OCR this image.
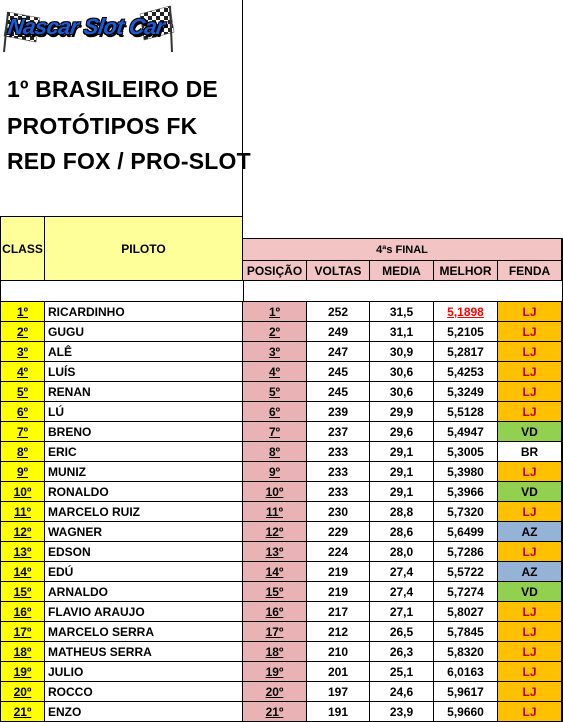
Nascar Slot Car
1º BRASILEIRO DE
PROTÓTIPOS FK
RED FOX / PRO-SLOT
CLASS	PILOTO	4ªs FINAL
POSIÇÃO	VOLTAS	MEDIA	MELHOR	FENDA
1º	RICARDINHO	1º	252	31,5	5,1898	LJ
2º	GUGU	2º	249	31,1	5,2105	LJ
3º	ALÊ	3º	247	30,9	5,2817	LJ
4º	LUÍS	4º	245	30,6	5,4253	LJ
5º	RENAN	5º	245	30,6	5,3249	LJ
6º	LÚ	6º	239	29,9	5,5128	LJ
7º	BRENO	7º	237	29,6	5,4947	VD
8º	ERIC	8º	233	29,1	5,3005	BR
9º	MUNIZ	9º	233	29,1	5,3980	LJ
10º	RONALDO	10º	233	29,1	5,3966	VD
11º	MARCELO RUIZ	11º	230	28,8	5,7320	LJ
12º	WAGNER	12º	229	28,6	5,6499	AZ
13º	EDSON	13º	224	28,0	5,7286	LJ
14º	EDÚ	14º	219	27,4	5,5722	AZ
15º	ARNALDO	15º	219	27,4	5,7274	VD
16º	FLAVIO ARAUJO	16º	217	27,1	5,8027	LJ
17º	MARCELO SERRA	17º	212	26,5	5,7845	LJ
18º	MATHEUS SERRA	18º	210	26,3	5,8320	LJ
19º	JULIO	19º	201	25,1	6,0163	LJ
20º	ROCCO	20º	197	24,6	5,9617	LJ
21º	ENZO	21º	191	23,9	5,9660	LJ
